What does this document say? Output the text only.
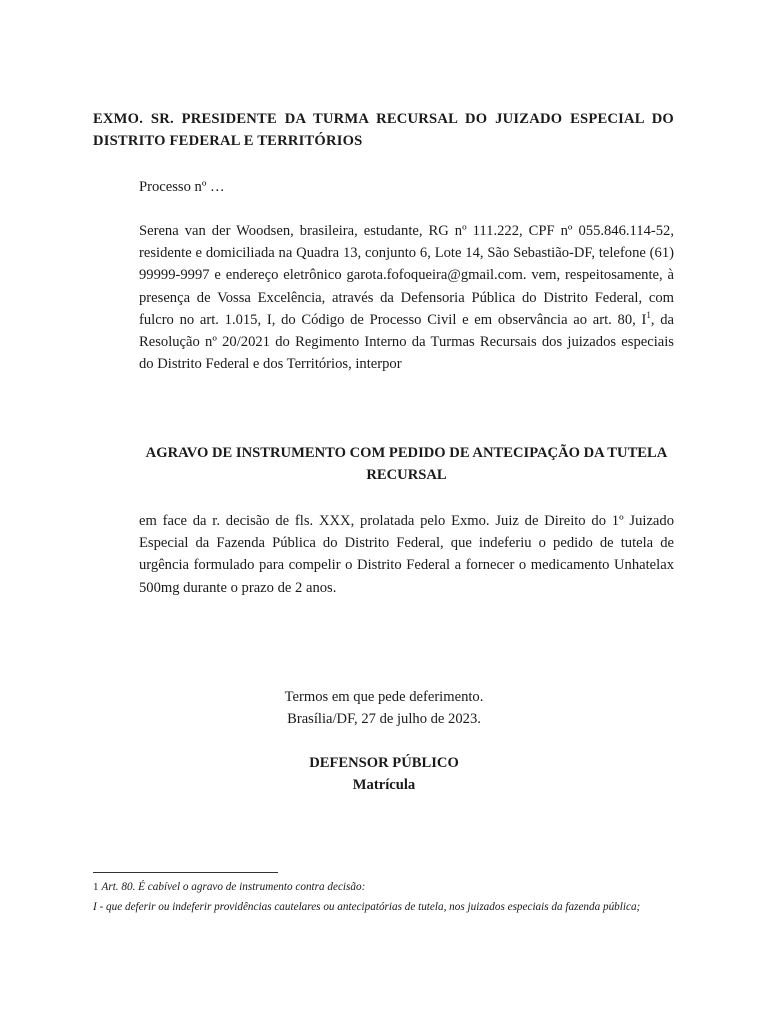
EXMO. SR. PRESIDENTE DA TURMA RECURSAL DO JUIZADO ESPECIAL DO DISTRITO FEDERAL E TERRITÓRIOS
Processo nº …
Serena van der Woodsen, brasileira, estudante, RG nº 111.222, CPF nº 055.846.114-52, residente e domiciliada na Quadra 13, conjunto 6, Lote 14, São Sebastião-DF, telefone (61) 99999-9997 e endereço eletrônico garota.fofoqueira@gmail.com. vem, respeitosamente, à presença de Vossa Excelência, através da Defensoria Pública do Distrito Federal, com fulcro no art. 1.015, I, do Código de Processo Civil e em observância ao art. 80, $I^1$, da Resolução nº 20/2021 do Regimento Interno da Turmas Recursais dos juizados especiais do Distrito Federal e dos Territórios, interpor
AGRAVO DE INSTRUMENTO COM PEDIDO DE ANTECIPAÇÃO DA TUTELA RECURSAL
em face da r. decisão de fls. XXX, prolatada pelo Exmo. Juiz de Direito do 1º Juizado Especial da Fazenda Pública do Distrito Federal, que indeferiu o pedido de tutela de urgência formulado para compelir o Distrito Federal a fornecer o medicamento Unhatelax 500mg durante o prazo de 2 anos.
Termos em que pede deferimento.
Brasília/DF, 27 de julho de 2023.
DEFENSOR PÚBLICO
Matrícula
1 Art. 80. É cabível o agravo de instrumento contra decisão:
I - que deferir ou indeferir providências cautelares ou antecipatórias de tutela, nos juizados especiais da fazenda pública;
